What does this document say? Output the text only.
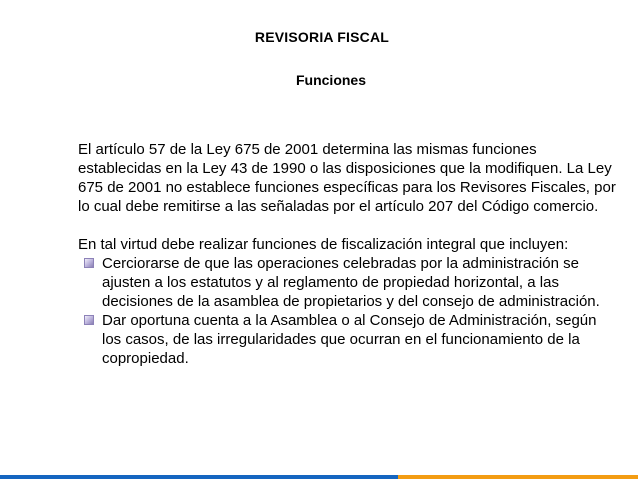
REVISORIA FISCAL
Funciones

El artículo 57 de la Ley 675 de 2001 determina las mismas funciones establecidas en la Ley 43 de 1990 o las disposiciones que la modifiquen. La Ley 675 de 2001 no establece funciones específicas para los Revisores Fiscales, por lo cual debe remitirse a las señaladas por el artículo 207 del Código comercio.

En tal virtud debe realizar funciones de fiscalización integral que incluyen:

Cerciorarse de que las operaciones celebradas por la administración se ajusten a los estatutos y al reglamento de propiedad horizontal, a las decisiones de la asamblea de propietarios y del consejo de administración.
Dar oportuna cuenta a la Asamblea o al Consejo de Administración, según los casos, de las irregularidades que ocurran en el funcionamiento de la copropiedad.
